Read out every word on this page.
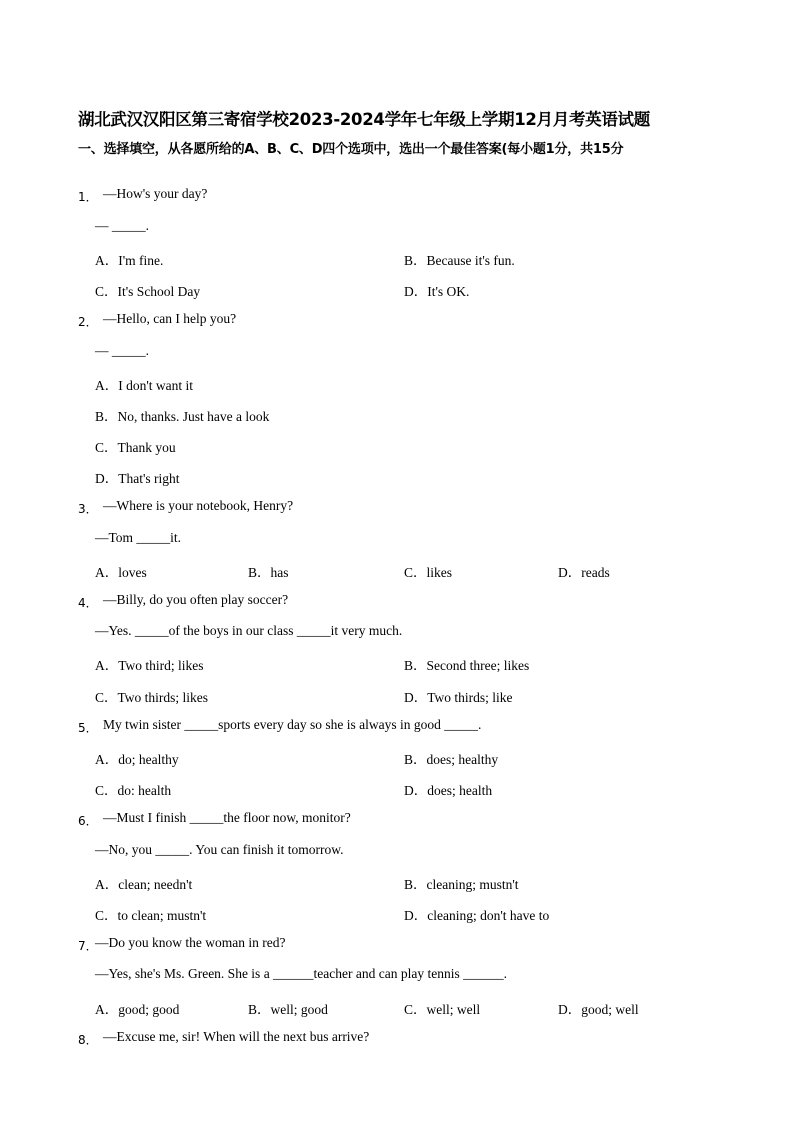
湖北武汉汉阳区第三寄宿学校2023-2024学年七年级上学期12月月考英语试题
一、选择填空，从各愿所给的A、B、C、D四个选项中，选出一个最佳答案(每小题1分，共15分
1． —How's your day?
— _____.
A．I'm fine.	B．Because it's fun.
C．It's School Day	D．It's OK.
2． —Hello, can I help you?
— _____.
A．I don't want it
B．No, thanks. Just have a look
C．Thank you
D．That's right
3． —Where is your notebook, Henry?
—Tom _____it.
A．loves	B．has	C．likes	D．reads
4． —Billy, do you often play soccer?
—Yes. _____of the boys in our class _____it very much.
A．Two third; likes	B．Second three; likes
C．Two thirds; likes	D．Two thirds; like
5． My twin sister _____sports every day so she is always in good _____.
A．do; healthy	B．does; healthy
C．do: health	D．does; health
6． —Must I finish _____the floor now, monitor?
—No, you _____. You can finish it tomorrow.
A．clean; needn't	B．cleaning; mustn't
C．to clean; mustn't	D．cleaning; don't have to
7．
—Do you know the woman in red?
—Yes, she's Ms. Green. She is a ______teacher and can play tennis ______.
A．good; good	B．well; good	C．well; well	D．good; well
8． —Excuse me, sir! When will the next bus arrive?
